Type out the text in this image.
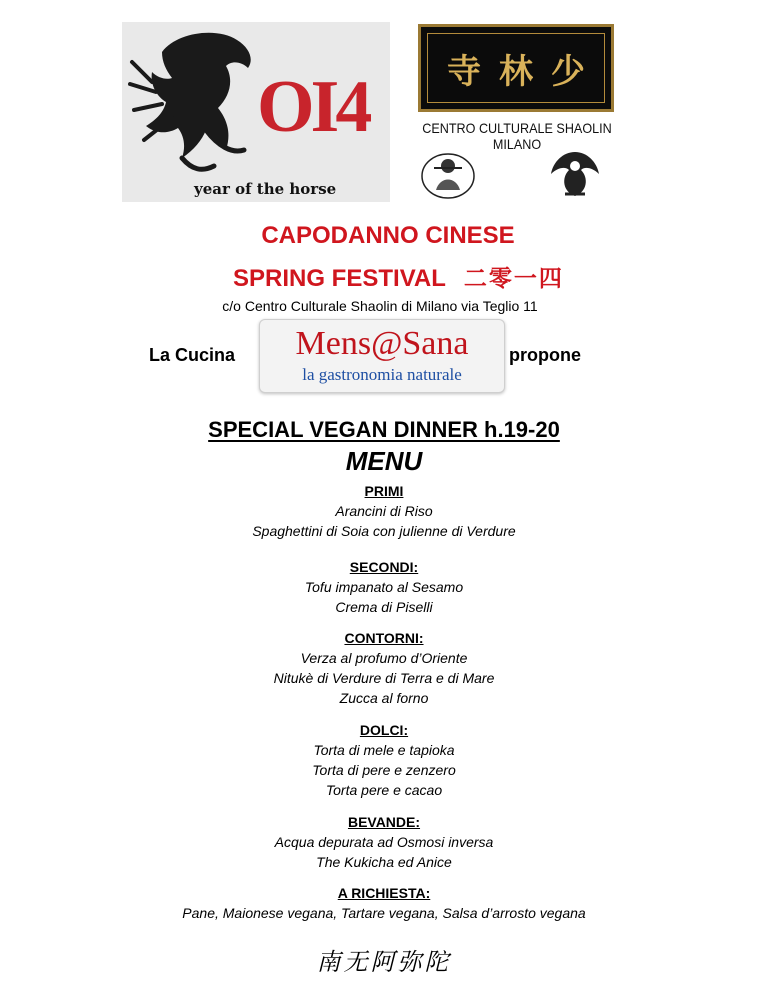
OI4
year of the horse
寺林少
CENTRO CULTURALE SHAOLIN
MILANO
CAPODANNO CINESE
SPRING FESTIVAL 二零一四
c/o Centro Culturale Shaolin di Milano via Teglio 11
La Cucina	Mens@Sana
la gastronomia naturale
propone
SPECIAL VEGAN DINNER h.19-20
MENU
PRIMI
Arancini di Riso
Spaghettini di Soia con julienne di Verdure
SECONDI:
Tofu impanato al Sesamo
Crema di Piselli
CONTORNI:
Verza al profumo d’Oriente
Nitukè di Verdure di Terra e di Mare
Zucca al forno
DOLCI:
Torta di mele e tapioka
Torta di pere e zenzero
Torta pere e cacao
BEVANDE:
Acqua depurata ad Osmosi inversa
The Kukicha ed Anice
A RICHIESTA:
Pane, Maionese vegana, Tartare vegana, Salsa d’arrosto vegana
南无阿弥陀
